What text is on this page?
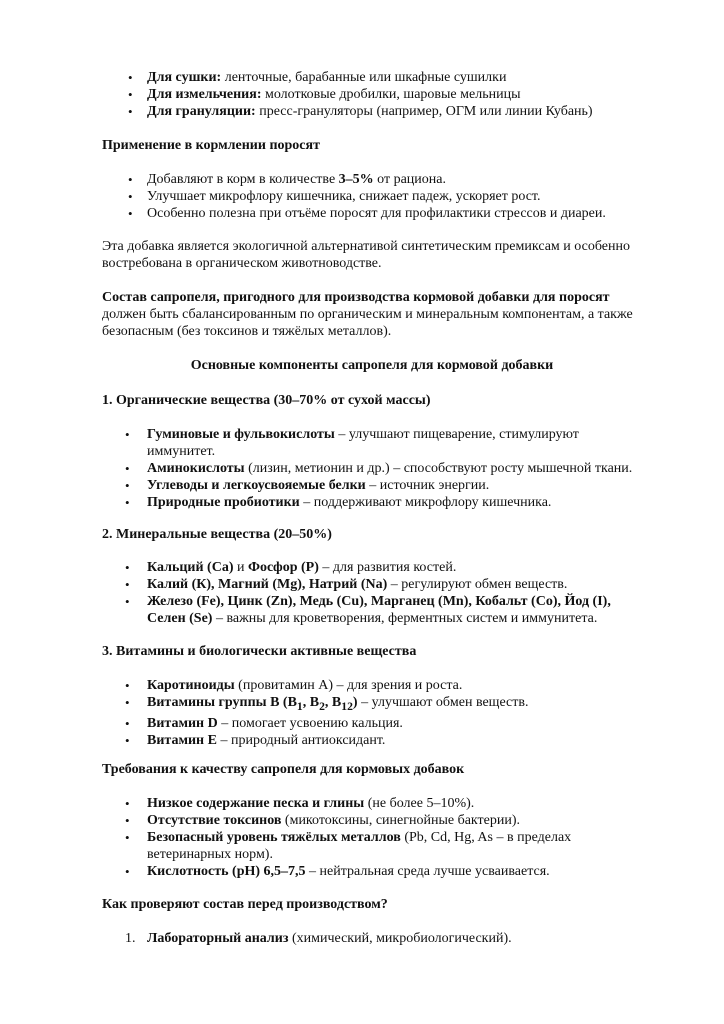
• Для сушки: ленточные, барабанные или шкафные сушилки
• Для измельчения: молотковые дробилки, шаровые мельницы
• Для грануляции: пресс-грануляторы (например, ОГМ или линии Кубань)

Применение в кормлении поросят

• Добавляют в корм в количестве 3–5% от рациона.
• Улучшает микрофлору кишечника, снижает падеж, ускоряет рост.
• Особенно полезна при отъёме поросят для профилактики стрессов и диареи.

Эта добавка является экологичной альтернативой синтетическим премиксам и особенно востребована в органическом животноводстве.

Состав сапропеля, пригодного для производства кормовой добавки для поросят должен быть сбалансированным по органическим и минеральным компонентам, а также безопасным (без токсинов и тяжёлых металлов).

Основные компоненты сапропеля для кормовой добавки

1. Органические вещества (30–70% от сухой массы)

• Гуминовые и фульвокислоты – улучшают пищеварение, стимулируют иммунитет.
• Аминокислоты (лизин, метионин и др.) – способствуют росту мышечной ткани.
• Углеводы и легкоусвояемые белки – источник энергии.
• Природные пробиотики – поддерживают микрофлору кишечника.

2. Минеральные вещества (20–50%)

• Кальций (Са) и Фосфор (Р) – для развития костей.
• Калий (К), Магний (Mg), Натрий (Na) – регулируют обмен веществ.
• Железо (Fe), Цинк (Zn), Медь (Cu), Марганец (Mn), Кобальт (Co), Йод (I), Селен (Se) – важны для кроветворения, ферментных систем и иммунитета.

3. Витамины и биологически активные вещества

• Каротиноиды (провитамин А) – для зрения и роста.
• Витамины группы В ($В_1$, $В_2$, $В_{12}$) – улучшают обмен веществ.
• Витамин D – помогает усвоению кальция.
• Витамин Е – природный антиоксидант.

Требования к качеству сапропеля для кормовых добавок

• Низкое содержание песка и глины (не более 5–10%).
• Отсутствие токсинов (микотоксины, синегнойные бактерии).
• Безопасный уровень тяжёлых металлов (Pb, Cd, Hg, As – в пределах ветеринарных норм).
• Кислотность (pH) 6,5–7,5 – нейтральная среда лучше усваивается.

Как проверяют состав перед производством?

1. Лабораторный анализ (химический, микробиологический).
